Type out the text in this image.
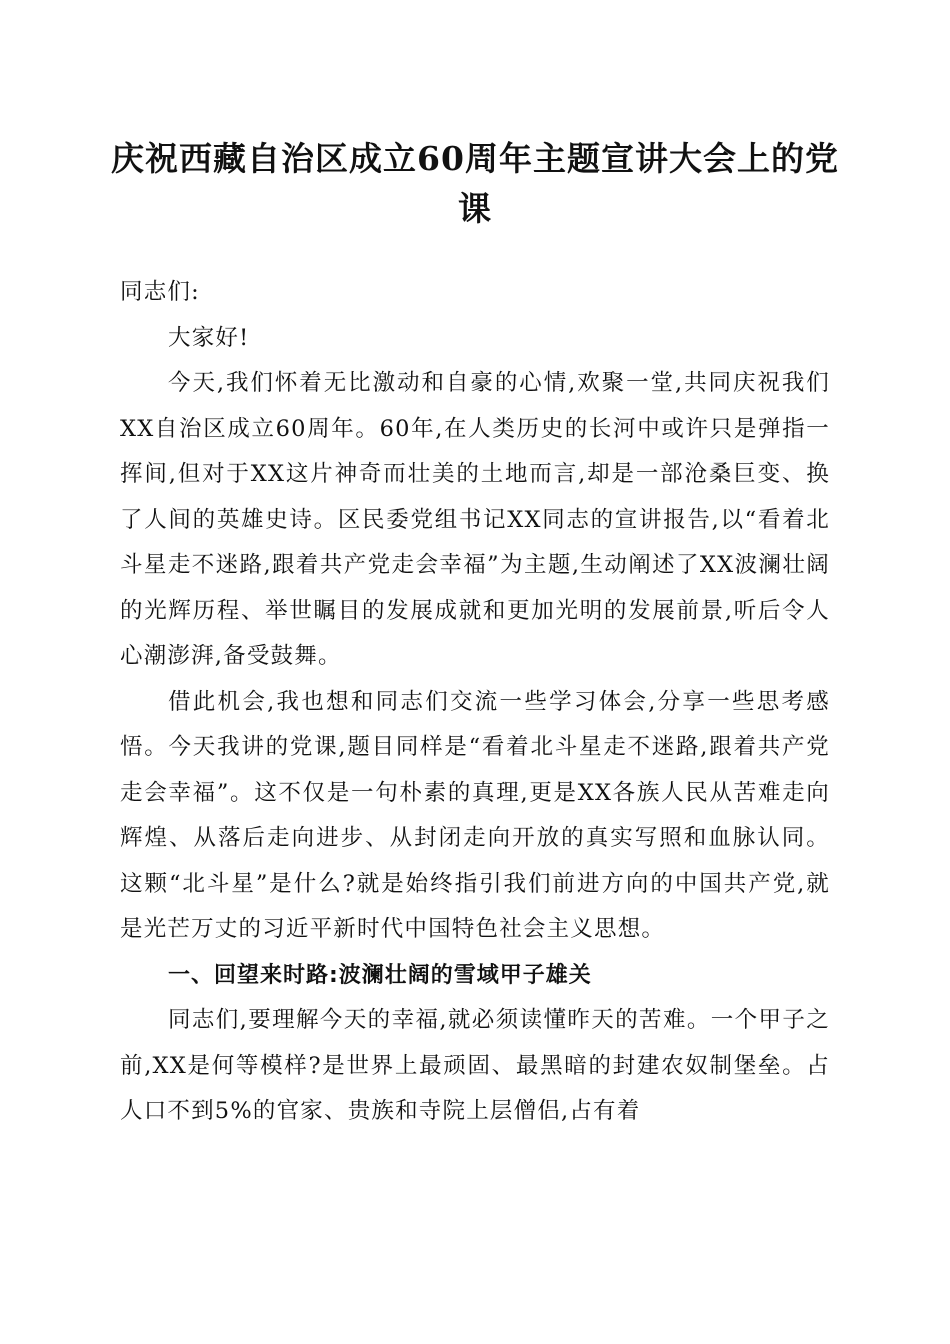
庆祝西藏自治区成立60周年主题宣讲大会上的党课

同志们:

大家好!

今天,我们怀着无比激动和自豪的心情,欢聚一堂,共同庆祝我们XX自治区成立60周年。60年,在人类历史的长河中或许只是弹指一挥间,但对于XX这片神奇而壮美的土地而言,却是一部沧桑巨变、换了人间的英雄史诗。区民委党组书记XX同志的宣讲报告,以“看着北斗星走不迷路,跟着共产党走会幸福”为主题,生动阐述了XX波澜壮阔的光辉历程、举世瞩目的发展成就和更加光明的发展前景,听后令人心潮澎湃,备受鼓舞。

借此机会,我也想和同志们交流一些学习体会,分享一些思考感悟。今天我讲的党课,题目同样是“看着北斗星走不迷路,跟着共产党走会幸福”。这不仅是一句朴素的真理,更是XX各族人民从苦难走向辉煌、从落后走向进步、从封闭走向开放的真实写照和血脉认同。这颗“北斗星”是什么?就是始终指引我们前进方向的中国共产党,就是光芒万丈的习近平新时代中国特色社会主义思想。

一、回望来时路:波澜壮阔的雪域甲子雄关

同志们,要理解今天的幸福,就必须读懂昨天的苦难。一个甲子之前,XX是何等模样?是世界上最顽固、最黑暗的封建农奴制堡垒。占人口不到5%的官家、贵族和寺院上层僧侣,占有着
